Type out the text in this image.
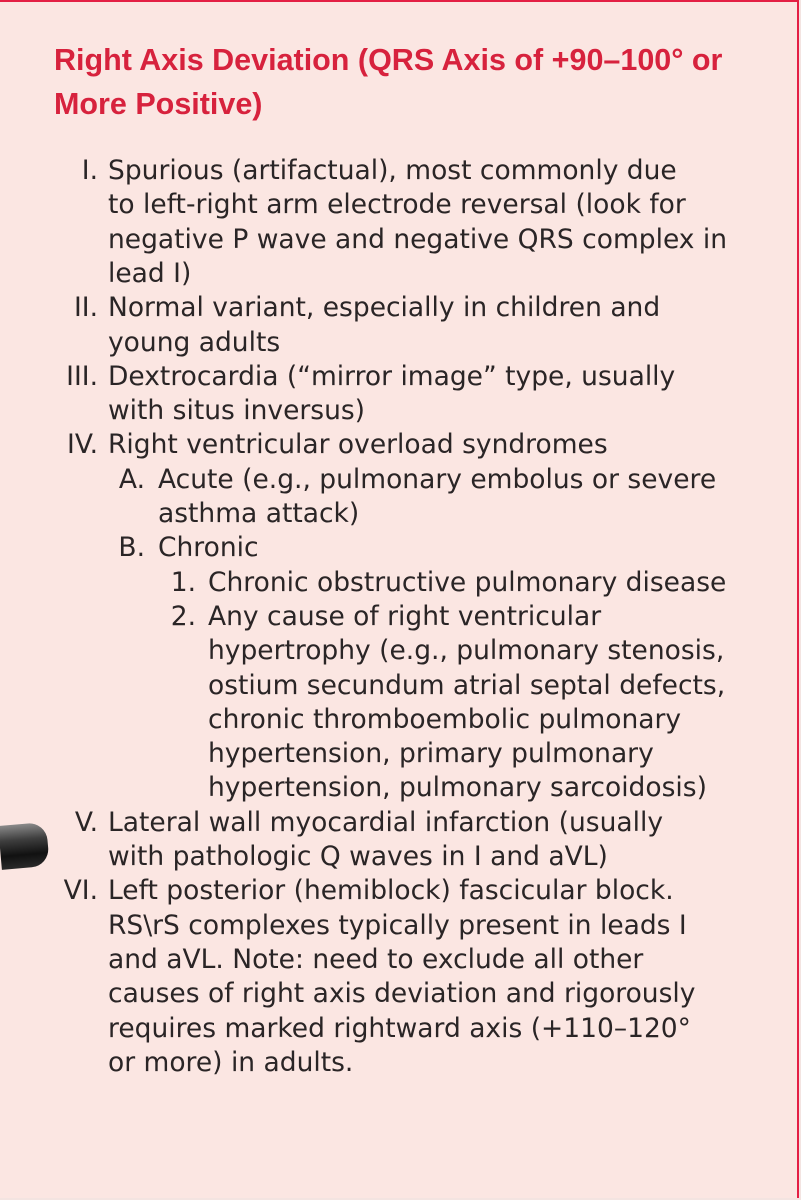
Right Axis Deviation (QRS Axis of +90–100° or More Positive)
I. Spurious (artifactual), most commonly due
to left-right arm electrode reversal (look for
negative P wave and negative QRS complex in
lead I)
II. Normal variant, especially in children and
young adults
III. Dextrocardia (“mirror image” type, usually
with situs inversus)
IV. Right ventricular overload syndromes
A. Acute (e.g., pulmonary embolus or severe
asthma attack)
B. Chronic
1. Chronic obstructive pulmonary disease
2. Any cause of right ventricular
hypertrophy (e.g., pulmonary stenosis,
ostium secundum atrial septal defects,
chronic thromboembolic pulmonary
hypertension, primary pulmonary
hypertension, pulmonary sarcoidosis)
V. Lateral wall myocardial infarction (usually
with pathologic Q waves in I and aVL)
VI. Left posterior (hemiblock) fascicular block.
RS\rS complexes typically present in leads I
and aVL. Note: need to exclude all other
causes of right axis deviation and rigorously
requires marked rightward axis (+110–120°
or more) in adults.
